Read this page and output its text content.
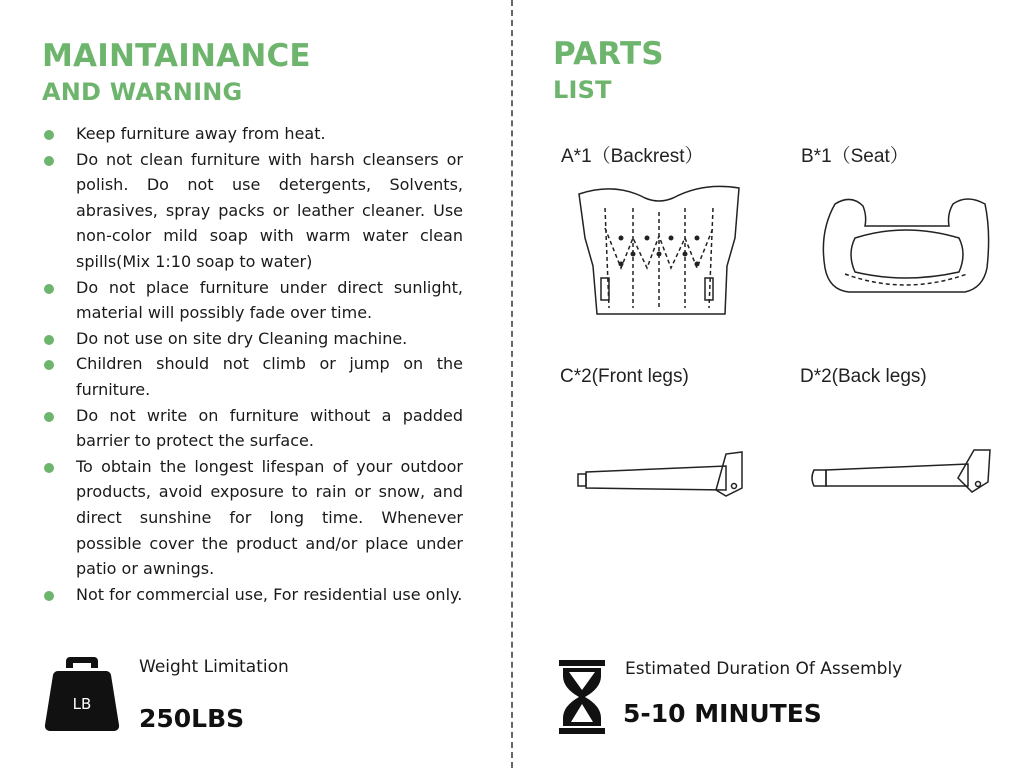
MAINTAINANCE
AND WARNING
Keep furniture away from heat.
Do not clean furniture with harsh cleansers or polish. Do not use detergents, Solvents, abrasives, spray packs or leather cleaner. Use non-color mild soap with warm water clean spills(Mix 1:10 soap to water)
Do not place furniture under direct sunlight, material will possibly fade over time.
Do not use on site dry Cleaning machine.
Children should not climb or jump on the furniture.
Do not write on furniture without a padded barrier to protect the surface.
To obtain the longest lifespan of your outdoor products, avoid exposure to rain or snow, and direct sunshine for long time. Whenever possible cover the product and/or place under patio or awnings.
Not for commercial use, For residential use only.
LB
Weight Limitation
250LBS
PARTS
LIST
A*1（Backrest）	B*1（Seat）
C*2(Front legs)	D*2(Back legs)
Estimated Duration Of Assembly
5-10 MINUTES
